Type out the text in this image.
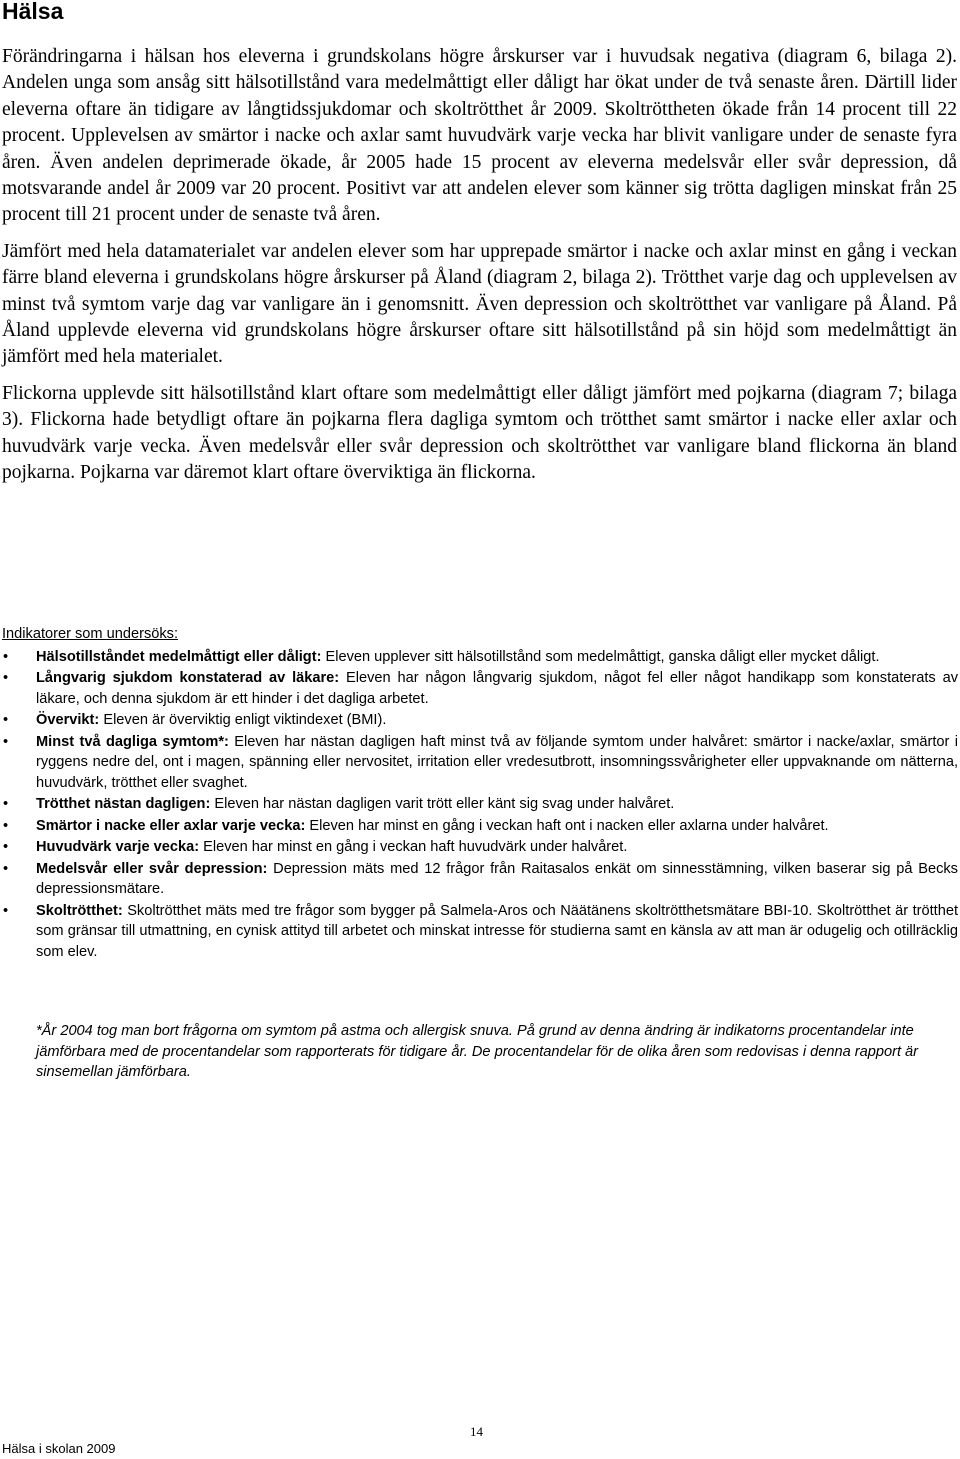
Hälsa

Förändringarna i hälsan hos eleverna i grundskolans högre årskurser var i huvudsak negativa (diagram 6, bilaga 2). Andelen unga som ansåg sitt hälsotillstånd vara medelmåttigt eller dåligt har ökat under de två senaste åren. Därtill lider eleverna oftare än tidigare av långtidssjukdomar och skoltrötthet år 2009. Skoltröttheten ökade från 14 procent till 22 procent. Upplevelsen av smärtor i nacke och axlar samt huvudvärk varje vecka har blivit vanligare under de senaste fyra åren. Även andelen deprimerade ökade, år 2005 hade 15 procent av eleverna medelsvår eller svår depression, då motsvarande andel år 2009 var 20 procent. Positivt var att andelen elever som känner sig trötta dagligen minskat från 25 procent till 21 procent under de senaste två åren.

Jämfört med hela datamaterialet var andelen elever som har upprepade smärtor i nacke och axlar minst en gång i veckan färre bland eleverna i grundskolans högre årskurser på Åland (diagram 2, bilaga 2). Trötthet varje dag och upplevelsen av minst två symtom varje dag var vanligare än i genomsnitt. Även depression och skoltrötthet var vanligare på Åland. På Åland upplevde eleverna vid grundskolans högre årskurser oftare sitt hälsotillstånd på sin höjd som medelmåttigt än jämfört med hela materialet.

Flickorna upplevde sitt hälsotillstånd klart oftare som medelmåttigt eller dåligt jämfört med pojkarna (diagram 7; bilaga 3). Flickorna hade betydligt oftare än pojkarna flera dagliga symtom och trötthet samt smärtor i nacke eller axlar och huvudvärk varje vecka. Även medelsvår eller svår depression och skoltrötthet var vanligare bland flickorna än bland pojkarna. Pojkarna var däremot klart oftare överviktiga än flickorna.

Indikatorer som undersöks:
• Hälsotillståndet medelmåttigt eller dåligt: Eleven upplever sitt hälsotillstånd som medelmåttigt, ganska dåligt eller mycket dåligt.
• Långvarig sjukdom konstaterad av läkare: Eleven har någon långvarig sjukdom, något fel eller något handikapp som konstaterats av läkare, och denna sjukdom är ett hinder i det dagliga arbetet.
• Övervikt: Eleven är överviktig enligt viktindexet (BMI).
• Minst två dagliga symtom*: Eleven har nästan dagligen haft minst två av följande symtom under halvåret: smärtor i nacke/axlar, smärtor i ryggens nedre del, ont i magen, spänning eller nervositet, irritation eller vredesutbrott, insomningssvårigheter eller uppvaknande om nätterna, huvudvärk, trötthet eller svaghet.
• Trötthet nästan dagligen: Eleven har nästan dagligen varit trött eller känt sig svag under halvåret.
• Smärtor i nacke eller axlar varje vecka: Eleven har minst en gång i veckan haft ont i nacken eller axlarna under halvåret.
• Huvudvärk varje vecka: Eleven har minst en gång i veckan haft huvudvärk under halvåret.
• Medelsvår eller svår depression: Depression mäts med 12 frågor från Raitasalos enkät om sinnesstämning, vilken baserar sig på Becks depressionsmätare.
• Skoltrötthet: Skoltrötthet mäts med tre frågor som bygger på Salmela-Aros och Näätänens skoltrötthetsmätare BBI-10. Skoltrötthet är trötthet som gränsar till utmattning, en cynisk attityd till arbetet och minskat intresse för studierna samt en känsla av att man är odugelig och otillräcklig som elev.
*År 2004 tog man bort frågorna om symtom på astma och allergisk snuva. På grund av denna ändring är indikatorns procentandelar inte jämförbara med de procentandelar som rapporterats för tidigare år. De procentandelar för de olika åren som redovisas i denna rapport är sinsemellan jämförbara.
14
Hälsa i skolan 2009
